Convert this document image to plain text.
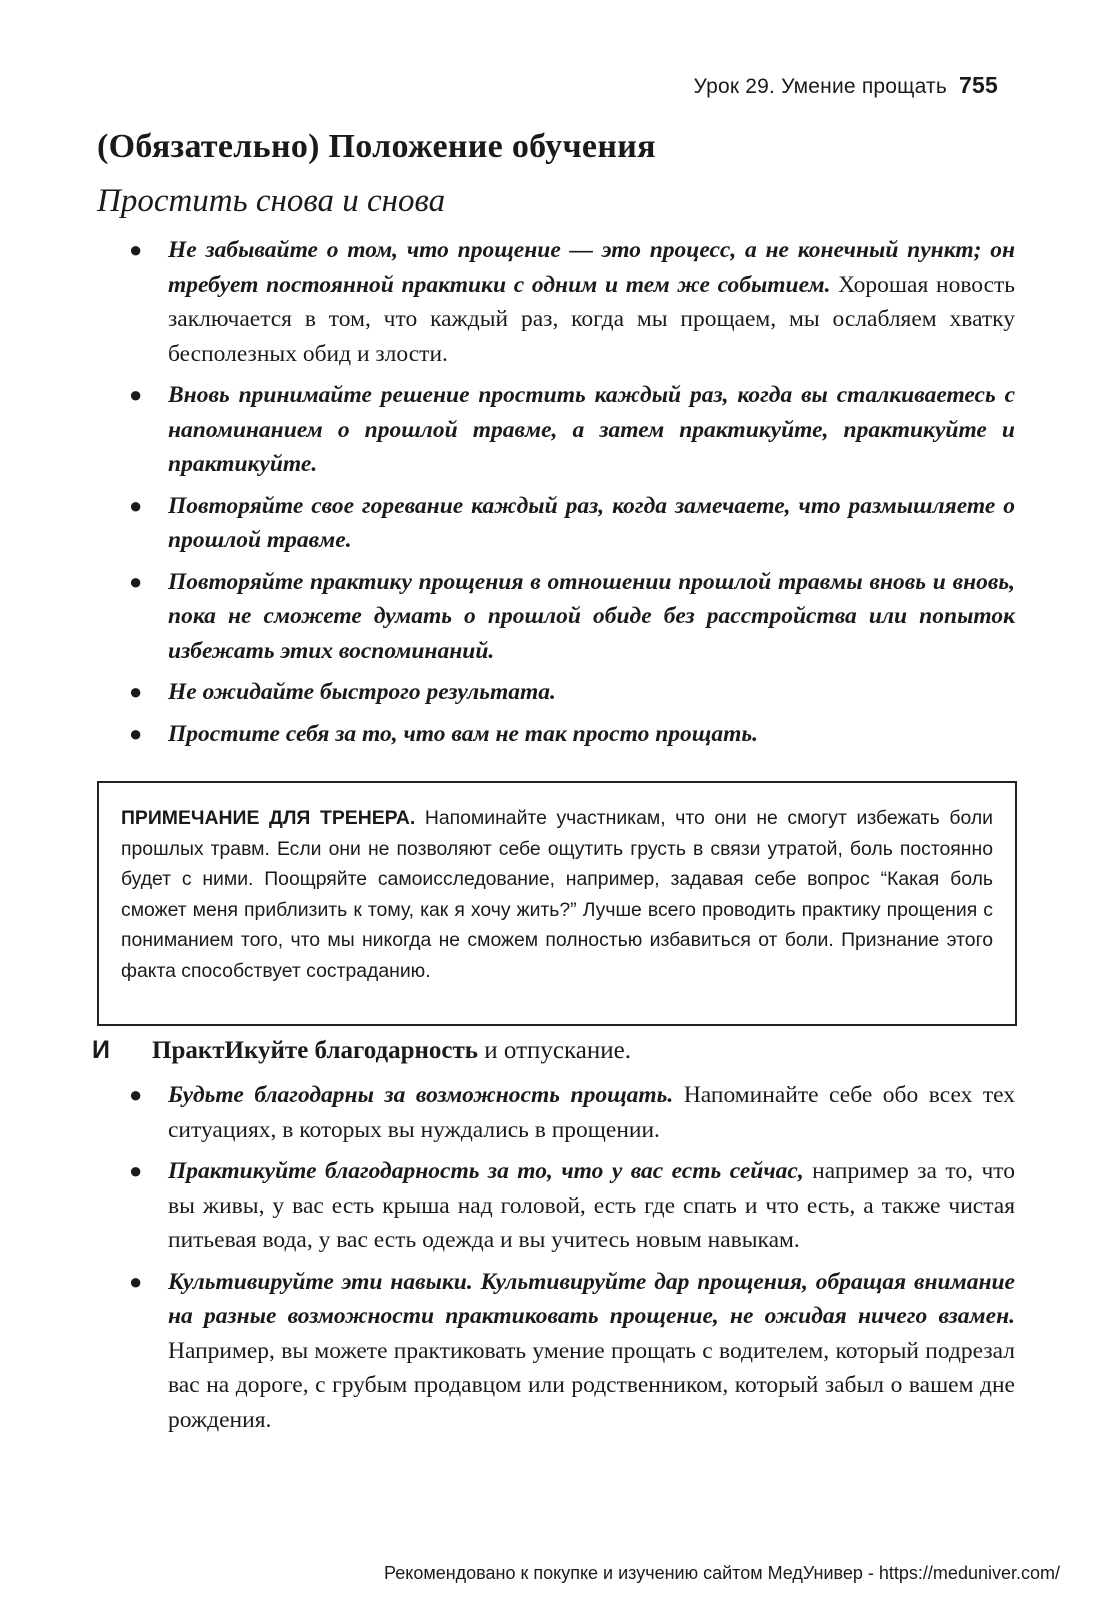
Урок 29. Умение прощать 755
(Обязательно) Положение обучения
Простить снова и снова
● Не забывайте о том, что прощение — это процесс, а не конечный пункт; он требует постоянной практики с одним и тем же событием. Хорошая новость заключается в том, что каждый раз, когда мы прощаем, мы ослабляем хватку бесполезных обид и злости.
● Вновь принимайте решение простить каждый раз, когда вы сталкиваетесь с напоминанием о прошлой травме, а затем практикуйте, практикуйте и практикуйте.
● Повторяйте свое горевание каждый раз, когда замечаете, что размышляете о прошлой травме.
● Повторяйте практику прощения в отношении прошлой травмы вновь и вновь, пока не сможете думать о прошлой обиде без расстройства или попыток избежать этих воспоминаний.
● Не ожидайте быстрого результата.
● Простите себя за то, что вам не так просто прощать.
ПРИМЕЧАНИЕ ДЛЯ ТРЕНЕРА. Напоминайте участникам, что они не смогут избежать боли прошлых травм. Если они не позволяют себе ощутить грусть в связи утратой, боль постоянно будет с ними. Поощряйте самоисследование, например, задавая себе вопрос “Какая боль сможет меня приблизить к тому, как я хочу жить?” Лучше всего проводить практику прощения с пониманием того, что мы никогда не сможем полностью избавиться от боли. Признание этого факта способствует состраданию.
И ПрактИкуйте благодарность и отпускание.
● Будьте благодарны за возможность прощать. Напоминайте себе обо всех тех ситуациях, в которых вы нуждались в прощении.
● Практикуйте благодарность за то, что у вас есть сейчас, например за то, что вы живы, у вас есть крыша над головой, есть где спать и что есть, а также чистая питьевая вода, у вас есть одежда и вы учитесь новым навыкам.
● Культивируйте эти навыки. Культивируйте дар прощения, обращая внимание на разные возможности практиковать прощение, не ожидая ничего взамен. Например, вы можете практиковать умение прощать с водителем, который подрезал вас на дороге, с грубым продавцом или родственником, который забыл о вашем дне рождения.
Рекомендовано к покупке и изучению сайтом МедУнивер - https://meduniver.com/
